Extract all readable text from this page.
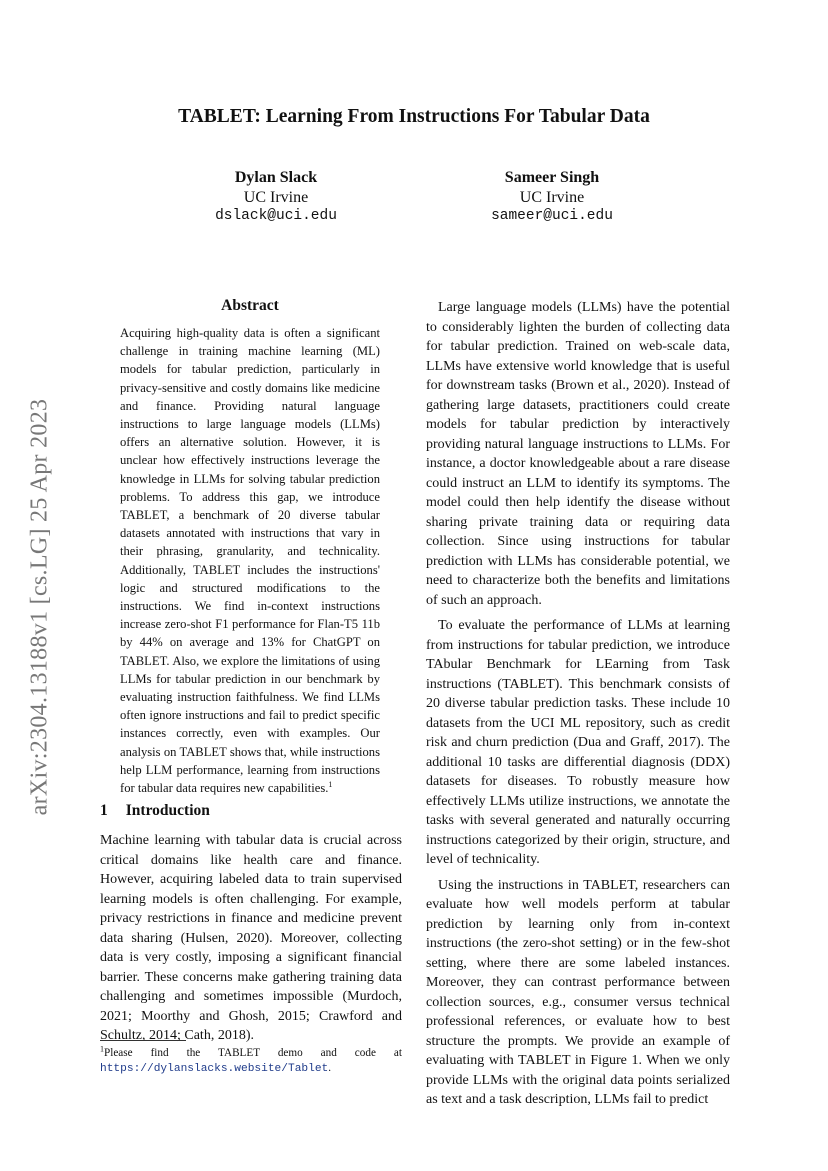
TABLET: Learning From Instructions For Tabular Data
Dylan Slack
UC Irvine
dslack@uci.edu
Sameer Singh
UC Irvine
sameer@uci.edu
arXiv:2304.13188v1 [cs.LG] 25 Apr 2023
Abstract
Acquiring high-quality data is often a significant challenge in training machine learning (ML) models for tabular prediction, particularly in privacy-sensitive and costly domains like medicine and finance. Providing natural language instructions to large language models (LLMs) offers an alternative solution. However, it is unclear how effectively instructions leverage the knowledge in LLMs for solving tabular prediction problems. To address this gap, we introduce TABLET, a benchmark of 20 diverse tabular datasets annotated with instructions that vary in their phrasing, granularity, and technicality. Additionally, TABLET includes the instructions' logic and structured modifications to the instructions. We find in-context instructions increase zero-shot F1 performance for Flan-T5 11b by 44% on average and 13% for ChatGPT on TABLET. Also, we explore the limitations of using LLMs for tabular prediction in our benchmark by evaluating instruction faithfulness. We find LLMs often ignore instructions and fail to predict specific instances correctly, even with examples. Our analysis on TABLET shows that, while instructions help LLM performance, learning from instructions for tabular data requires new capabilities.$^1$
1 Introduction
Machine learning with tabular data is crucial across critical domains like health care and finance. However, acquiring labeled data to train supervised learning models is often challenging. For example, privacy restrictions in finance and medicine prevent data sharing (Hulsen, 2020). Moreover, collecting data is very costly, imposing a significant financial barrier. These concerns make gathering training data challenging and sometimes impossible (Murdoch, 2021; Moorthy and Ghosh, 2015; Crawford and Schultz, 2014; Cath, 2018).
$^1$Please find the TABLET demo and code at https://dylanslacks.website/Tablet.

Large language models (LLMs) have the potential to considerably lighten the burden of collecting data for tabular prediction. Trained on web-scale data, LLMs have extensive world knowledge that is useful for downstream tasks (Brown et al., 2020). Instead of gathering large datasets, practitioners could create models for tabular prediction by interactively providing natural language instructions to LLMs. For instance, a doctor knowledgeable about a rare disease could instruct an LLM to identify its symptoms. The model could then help identify the disease without sharing private training data or requiring data collection. Since using instructions for tabular prediction with LLMs has considerable potential, we need to characterize both the benefits and limitations of such an approach.

To evaluate the performance of LLMs at learning from instructions for tabular prediction, we introduce TAbular Benchmark for LEarning from Task instructions (TABLET). This benchmark consists of 20 diverse tabular prediction tasks. These include 10 datasets from the UCI ML repository, such as credit risk and churn prediction (Dua and Graff, 2017). The additional 10 tasks are differential diagnosis (DDX) datasets for diseases. To robustly measure how effectively LLMs utilize instructions, we annotate the tasks with several generated and naturally occurring instructions categorized by their origin, structure, and level of technicality.

Using the instructions in TABLET, researchers can evaluate how well models perform at tabular prediction by learning only from in-context instructions (the zero-shot setting) or in the few-shot setting, where there are some labeled instances. Moreover, they can contrast performance between collection sources, e.g., consumer versus technical professional references, or evaluate how to best structure the prompts. We provide an example of evaluating with TABLET in Figure 1. When we only provide LLMs with the original data points serialized as text and a task description, LLMs fail to predict
